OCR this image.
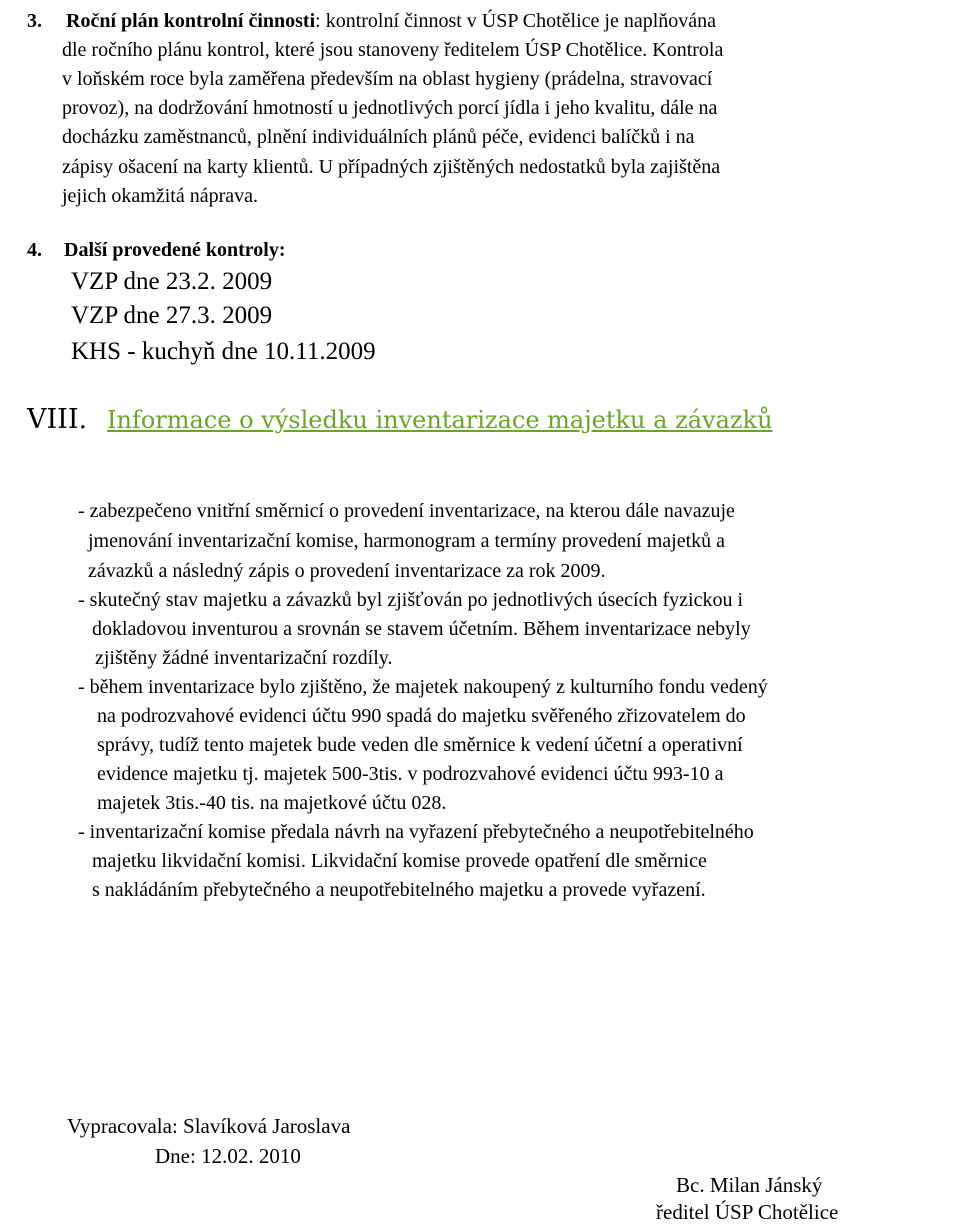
3. Roční plán kontrolní činnosti: kontrolní činnost v ÚSP Chotělice je naplňována
dle ročního plánu kontrol, které jsou stanoveny ředitelem ÚSP Chotělice. Kontrola
v loňském roce byla zaměřena především na oblast hygieny (prádelna, stravovací
provoz), na dodržování hmotností u jednotlivých porcí jídla i jeho kvalitu, dále na
docházku zaměstnanců, plnění individuálních plánů péče, evidenci balíčků i na
zápisy ošacení na karty klientů. U případných zjištěných nedostatků byla zajištěna
jejich okamžitá náprava.
4. Další provedené kontroly:
VZP dne 23.2. 2009
VZP dne 27.3. 2009
KHS - kuchyň dne 10.11.2009
VIII. Informace o výsledku inventarizace majetku a závazků
- zabezpečeno vnitřní směrnicí o provedení inventarizace, na kterou dále navazuje
jmenování inventarizační komise, harmonogram a termíny provedení majetků a
závazků a následný zápis o provedení inventarizace za rok 2009.
- skutečný stav majetku a závazků byl zjišťován po jednotlivých úsecích fyzickou i
dokladovou inventurou a srovnán se stavem účetním. Během inventarizace nebyly
zjištěny žádné inventarizační rozdíly.
- během inventarizace bylo zjištěno, že majetek nakoupený z kulturního fondu vedený
na podrozvahové evidenci účtu 990 spadá do majetku svěřeného zřizovatelem do
správy, tudíž tento majetek bude veden dle směrnice k vedení účetní a operativní
evidence majetku tj. majetek 500-3tis. v podrozvahové evidenci účtu 993-10 a
majetek 3tis.-40 tis. na majetkové účtu 028.
- inventarizační komise předala návrh na vyřazení přebytečného a neupotřebitelného
majetku likvidační komisi. Likvidační komise provede opatření dle směrnice
s nakládáním přebytečného a neupotřebitelného majetku a provede vyřazení.
Vypracovala: Slavíková Jaroslava
Dne: 12.02. 2010
Bc. Milan Jánský
ředitel ÚSP Chotělice
